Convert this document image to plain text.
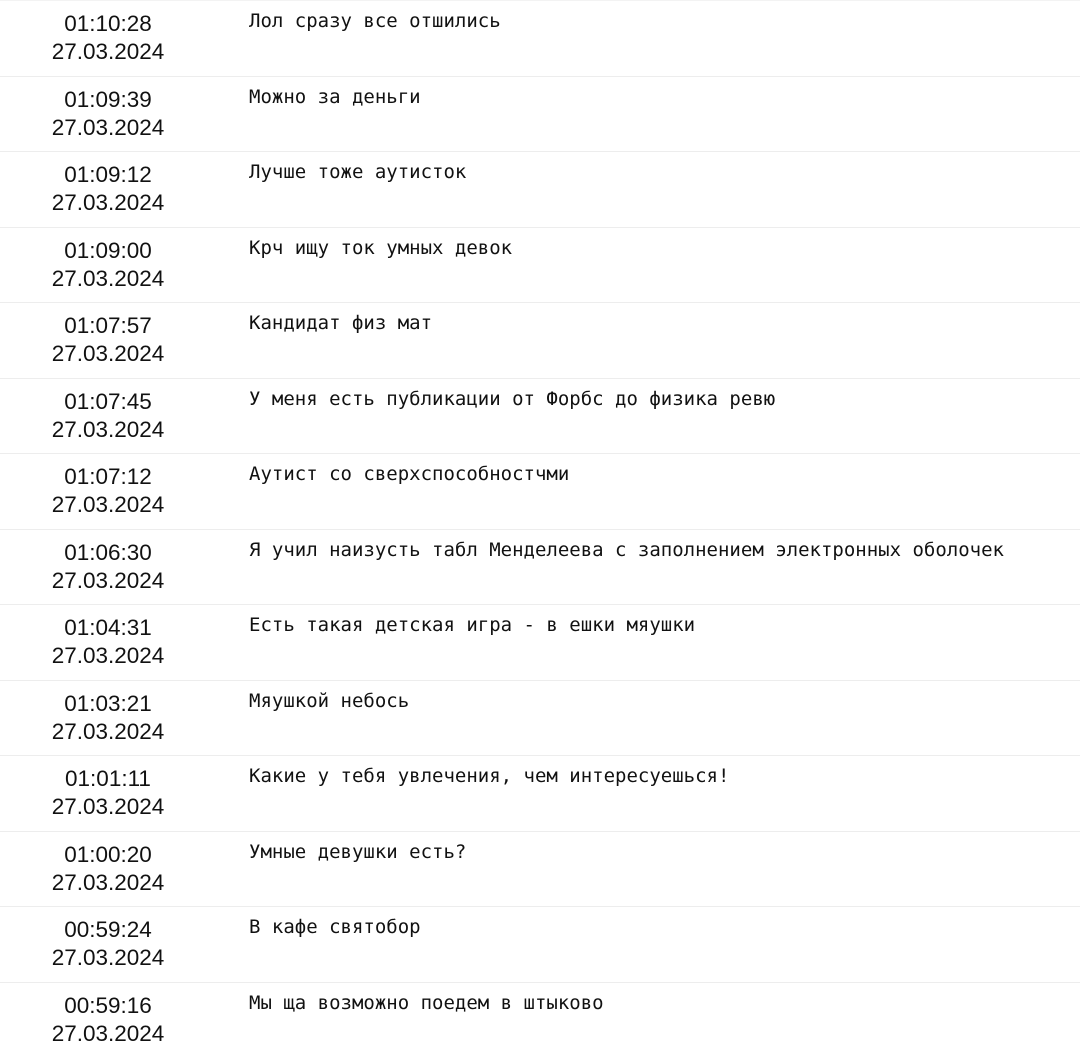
01:10:28
27.03.2024
Лол сразу все отшились
01:09:39
27.03.2024
Можно за деньги
01:09:12
27.03.2024
Лучше тоже аутисток
01:09:00
27.03.2024
Крч ищу ток умных девок
01:07:57
27.03.2024
Кандидат физ мат
01:07:45
27.03.2024
У меня есть публикации от Форбс до физика ревю
01:07:12
27.03.2024
Аутист со сверхспособностчми
01:06:30
27.03.2024
Я учил наизусть табл Менделеева с заполнением электронных оболочек
01:04:31
27.03.2024
Есть такая детская игра - в ешки мяушки
01:03:21
27.03.2024
Мяушкой небось
01:01:11
27.03.2024
Какие у тебя увлечения, чем интересуешься!
01:00:20
27.03.2024
Умные девушки есть?
00:59:24
27.03.2024
В кафе святобор
00:59:16
27.03.2024
Мы ща возможно поедем в штыково
